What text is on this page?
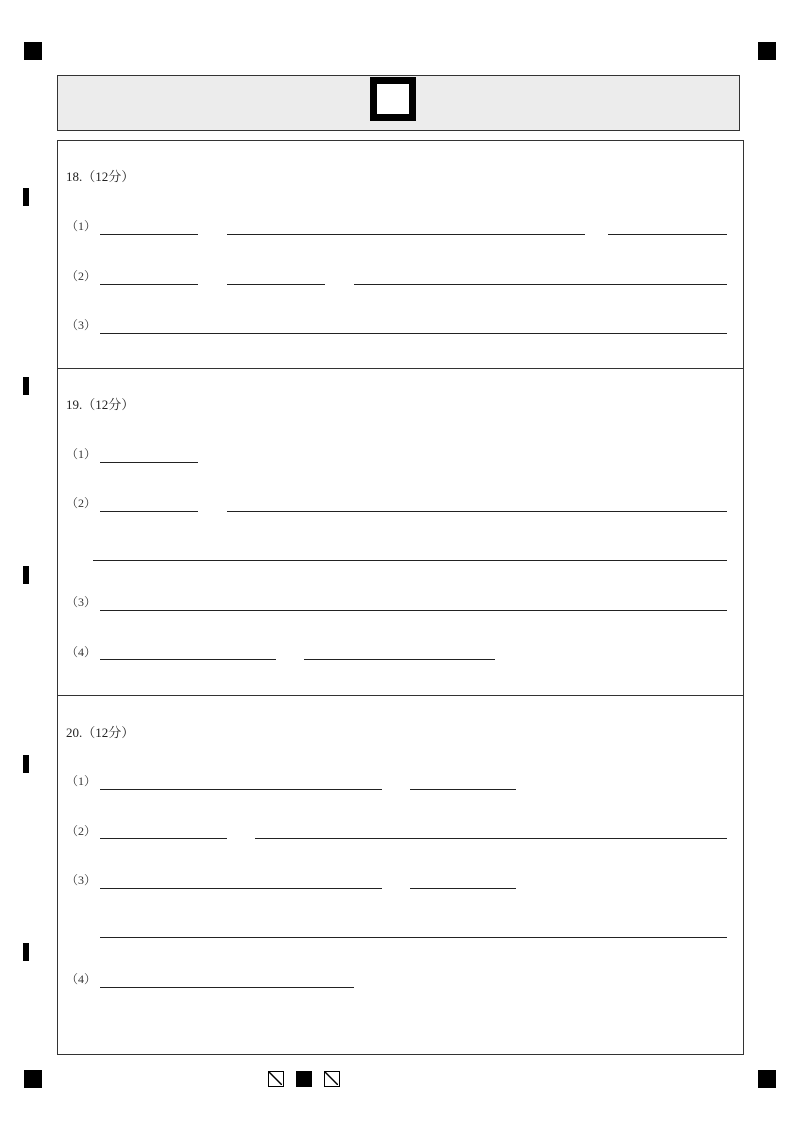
18.（12分）
（1）
（2）
（3）
19.（12分）
（1）
（2）
（3）
（4）
20.（12分）
（1）
（2）
（3）
（4）
